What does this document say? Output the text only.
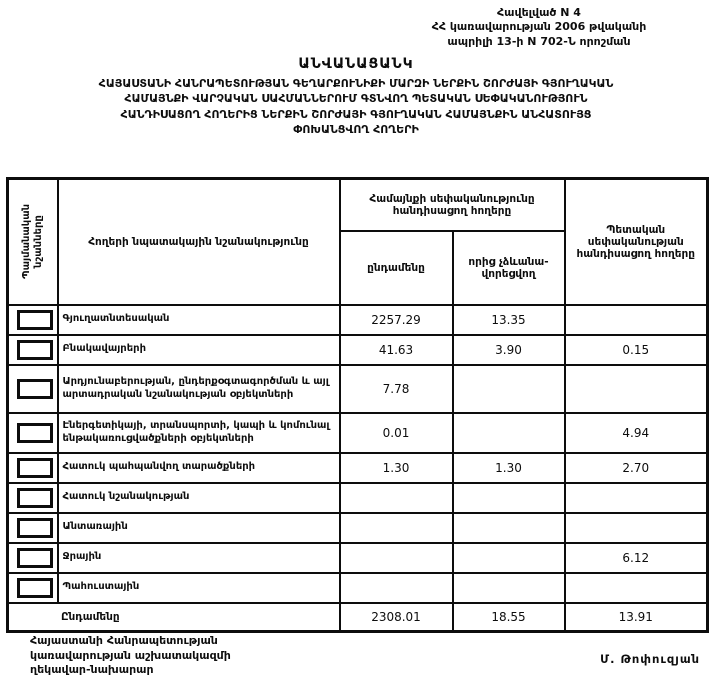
Հավելված N 4
ՀՀ կառավարության 2006 թվականի
ապրիլի 13-ի N 702-Ն որոշման
ԱՆՎԱՆԱՑԱՆԿ
ՀԱՅԱՍՏԱՆԻ ՀԱՆՐԱՊԵՏՈՒԹՅԱՆ ԳԵՂԱՐՔՈՒՆԻՔԻ ՄԱՐԶԻ ՆԵՐՔԻՆ ՇՈՐԺԱՅԻ ԳՅՈՒՂԱԿԱՆ
ՀԱՄԱՅՆՔԻ ՎԱՐՉԱԿԱՆ ՍԱՀՄԱՆՆԵՐՈՒՄ ԳՏՆՎՈՂ ՊԵՏԱԿԱՆ ՍԵՓԱԿԱՆՈՒԹՅՈՒՆ
ՀԱՆԴԻՍԱՑՈՂ ՀՈՂԵՐԻՑ ՆԵՐՔԻՆ ՇՈՐԺԱՅԻ ԳՅՈՒՂԱԿԱՆ ՀԱՄԱՅՆՔԻՆ ԱՆՀԱՏՈՒՅՑ
ՓՈԽԱՆՑՎՈՂ ՀՈՂԵՐԻ
Պայմանական նշանները	Հողերի նպատակային նշանակությունը	Համայնքի սեփականությունը հանդիսացող հողերը		Պետական սեփականության հանդիսացող հողերը
		ընդամենը	որից չձևանա-վորեցվող	

	Գյուղատնտեսական	2257.29	13.35	

	Բնակավայրերի	41.63	3.90	0.15

	Արդյունաբերության, ընդերքօգտագործման և այլ արտադրական նշանակության օբյեկտների	7.78		

	Էներգետիկայի, տրանսպորտի, կապի և կոմունալ ենթակառուցվածքների օբյեկտների	0.01		4.94

	Հատուկ պահպանվող տարածքների	1.30	1.30	2.70

	Հատուկ նշանակության			

	Անտառային			

	Ջրային			6.12

	Պահուստային			
Ընդամենը		2308.01	18.55	13.91
Հայաստանի Հանրապետության
կառավարության աշխատակազմի
ղեկավար-նախարար
Մ. Թոփուզյան
